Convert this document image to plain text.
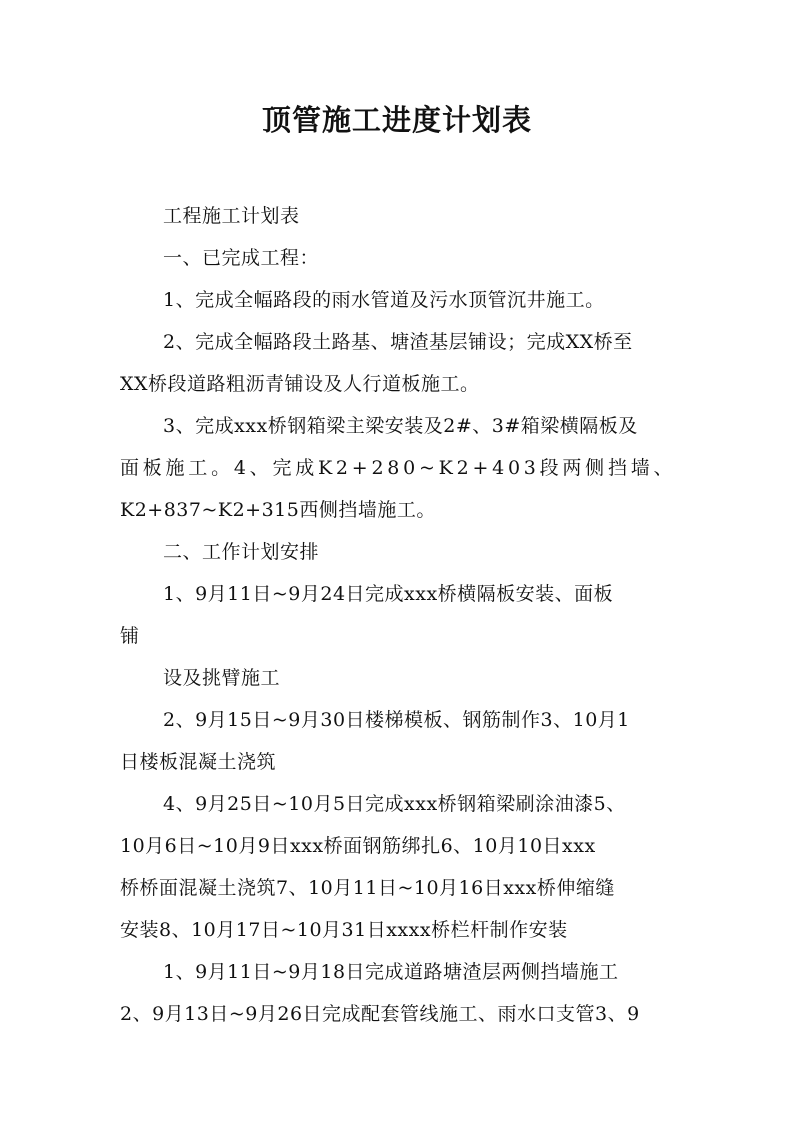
顶管施工进度计划表
工程施工计划表
一、已完成工程：
1、完成全幅路段的雨水管道及污水顶管沉井施工。
2、完成全幅路段土路基、塘渣基层铺设；完成XX桥至
XX桥段道路粗沥青铺设及人行道板施工。
3、完成xxx桥钢箱梁主梁安装及2#、3#箱梁横隔板及
面 板 施 工 。 4 、 完 成 K 2 + 2 8 0 ~ K 2 + 4 0 3 段 两 侧 挡 墙 、
K2+837~K2+315西侧挡墙施工。
二、工作计划安排
1、9月11日~9月24日完成xxx桥横隔板安装、面板
铺
设及挑臂施工
2、9月15日~9月30日楼梯模板、钢筋制作3、10月1
日楼板混凝土浇筑
4、9月25日~10月5日完成xxx桥钢箱梁刷涂油漆5、
10月6日~10月9日xxx桥面钢筋绑扎6、10月10日xxx
桥桥面混凝土浇筑7、10月11日~10月16日xxx桥伸缩缝
安装8、10月17日~10月31日xxxx桥栏杆制作安装
1、9月11日~9月18日完成道路塘渣层两侧挡墙施工
2、9月13日~9月26日完成配套管线施工、雨水口支管3、9
